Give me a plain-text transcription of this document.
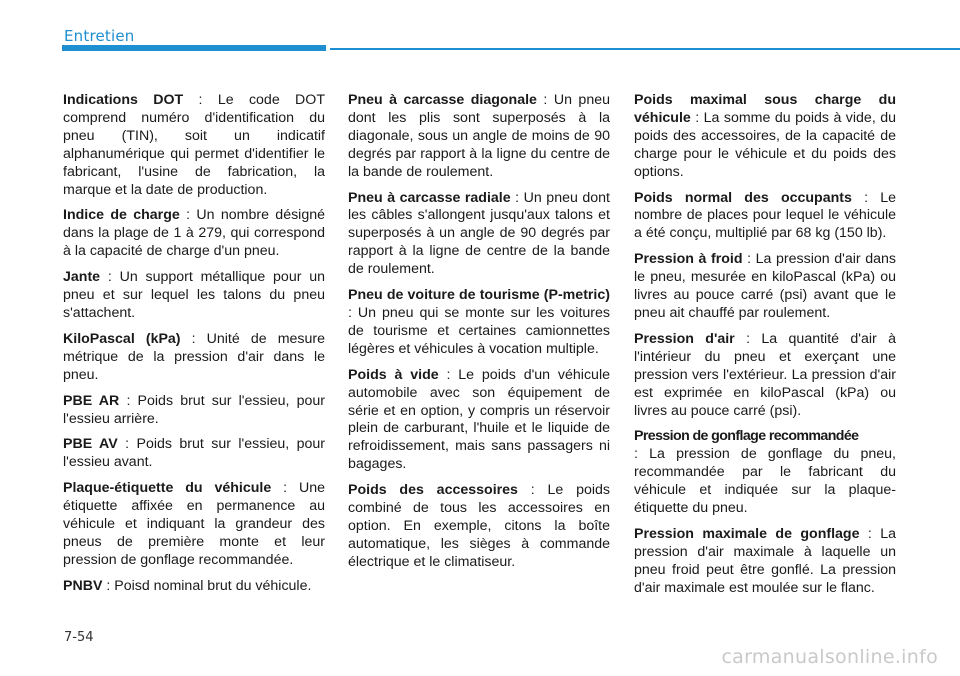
Entretien

Indications DOT : Le code DOT comprend numéro d'identification du pneu (TIN), soit un indicatif alphanumérique qui permet d'identifier le fabricant, l'usine de fabrication, la marque et la date de production.

Indice de charge : Un nombre désigné dans la plage de 1 à 279, qui correspond à la capacité de charge d'un pneu.

Jante : Un support métallique pour un pneu et sur lequel les talons du pneu s'attachent.

KiloPascal (kPa) : Unité de mesure métrique de la pression d'air dans le pneu.

PBE AR : Poids brut sur l'essieu, pour l'essieu arrière.

PBE AV : Poids brut sur l'essieu, pour l'essieu avant.

Plaque-étiquette du véhicule : Une étiquette affixée en permanence au véhicule et indiquant la grandeur des pneus de première monte et leur pression de gonflage recommandée.

PNBV : Poisd nominal brut du véhicule.

Pneu à carcasse diagonale : Un pneu dont les plis sont superposés à la diagonale, sous un angle de moins de 90 degrés par rapport à la ligne du centre de la bande de roulement.

Pneu à carcasse radiale : Un pneu dont les câbles s'allongent jusqu'aux talons et superposés à un angle de 90 degrés par rapport à la ligne de centre de la bande de roulement.

Pneu de voiture de tourisme (P-metric) : Un pneu qui se monte sur les voitures de tourisme et certaines camionnettes légères et véhicules à vocation multiple.

Poids à vide : Le poids d'un véhicule automobile avec son équipement de série et en option, y compris un réservoir plein de carburant, l'huile et le liquide de refroidissement, mais sans passagers ni bagages.

Poids des accessoires : Le poids combiné de tous les accessoires en option. En exemple, citons la boîte automatique, les sièges à commande électrique et le climatiseur.

Poids maximal sous charge du véhicule : La somme du poids à vide, du poids des accessoires, de la capacité de charge pour le véhicule et du poids des options.

Poids normal des occupants : Le nombre de places pour lequel le véhicule a été conçu, multiplié par 68 kg (150 lb).

Pression à froid : La pression d'air dans le pneu, mesurée en kiloPascal (kPa) ou livres au pouce carré (psi) avant que le pneu ait chauffé par roulement.

Pression d'air : La quantité d'air à l'intérieur du pneu et exerçant une pression vers l'extérieur. La pression d'air est exprimée en kiloPascal (kPa) ou livres au pouce carré (psi).

Pression de gonflage recommandée
: La pression de gonflage du pneu, recommandée par le fabricant du véhicule et indiquée sur la plaque-étiquette du pneu.

Pression maximale de gonflage : La pression d'air maximale à laquelle un pneu froid peut être gonflé. La pression d'air maximale est moulée sur le flanc.

7-54
carmanualsonline.info
